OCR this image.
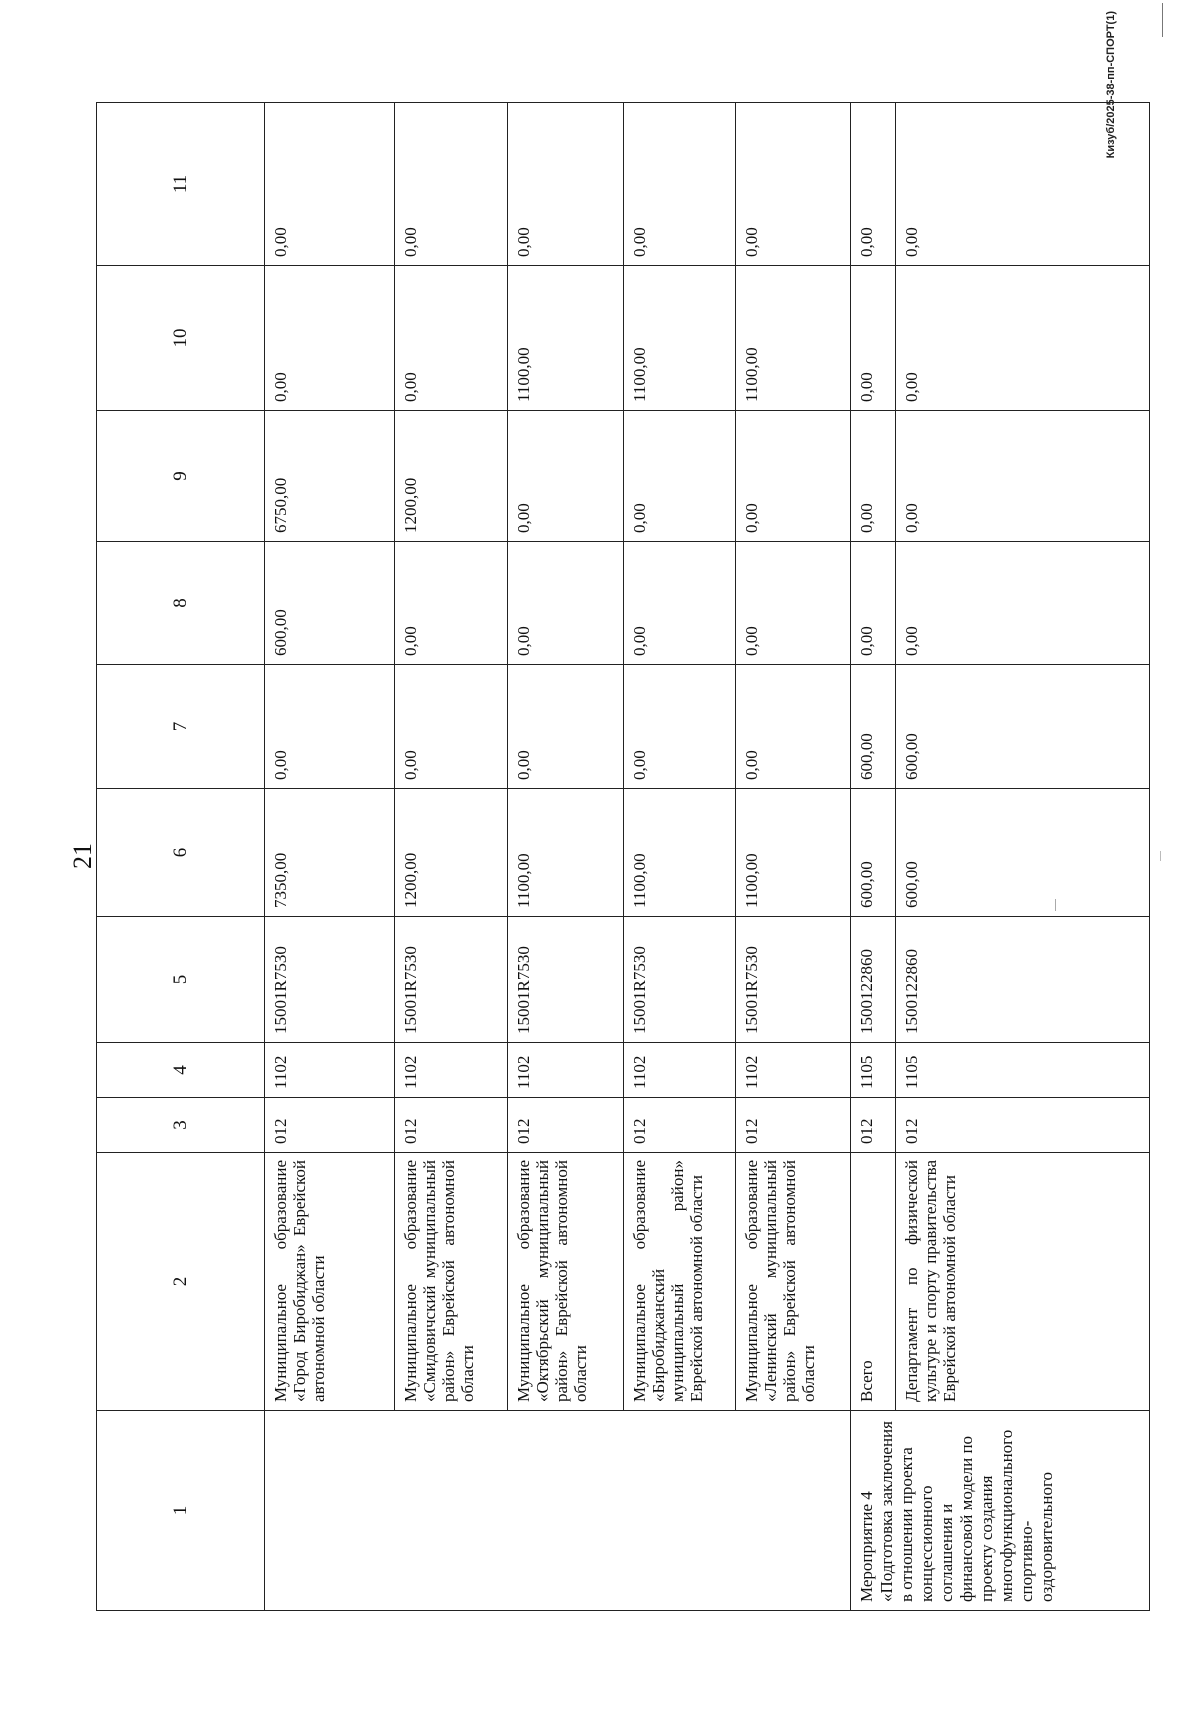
21
1	2	3	4	5	6	7	8	9	10	11
	Муниципальное образование «Город Биробиджан» Еврейской автономной области	012	1102	15001R7530	7350,00	0,00	600,00	6750,00	0,00	0,00
	Муниципальное образование «Смидовичский муниципальный район» Еврейской автономной области	012	1102	15001R7530	1200,00	0,00	0,00	1200,00	0,00	0,00
	Муниципальное образование «Октябрьский муниципальный район» Еврейской автономной области	012	1102	15001R7530	1100,00	0,00	0,00	0,00	1100,00	0,00
	Муниципальное образование «Биробиджанский муниципальный район» Еврейской автономной области	012	1102	15001R7530	1100,00	0,00	0,00	0,00	1100,00	0,00
	Муниципальное образование «Ленинский муниципальный район» Еврейской автономной области	012	1102	15001R7530	1100,00	0,00	0,00	0,00	1100,00	0,00
Мероприятие 4 «Подготовка заключения в отношении проекта концессионного соглашения и финансовой модели по проекту создания многофункционального спортивно-оздоровительного	Всего	012	1105	1500122860	600,00	600,00	0,00	0,00	0,00	0,00
	Департамент по физической культуре и спорту правительства Еврейской автономной области	012	1105	1500122860	600,00	600,00	0,00	0,00	0,00	0,00
Кизуб/2025-38-пп-СПОРТ(1)
